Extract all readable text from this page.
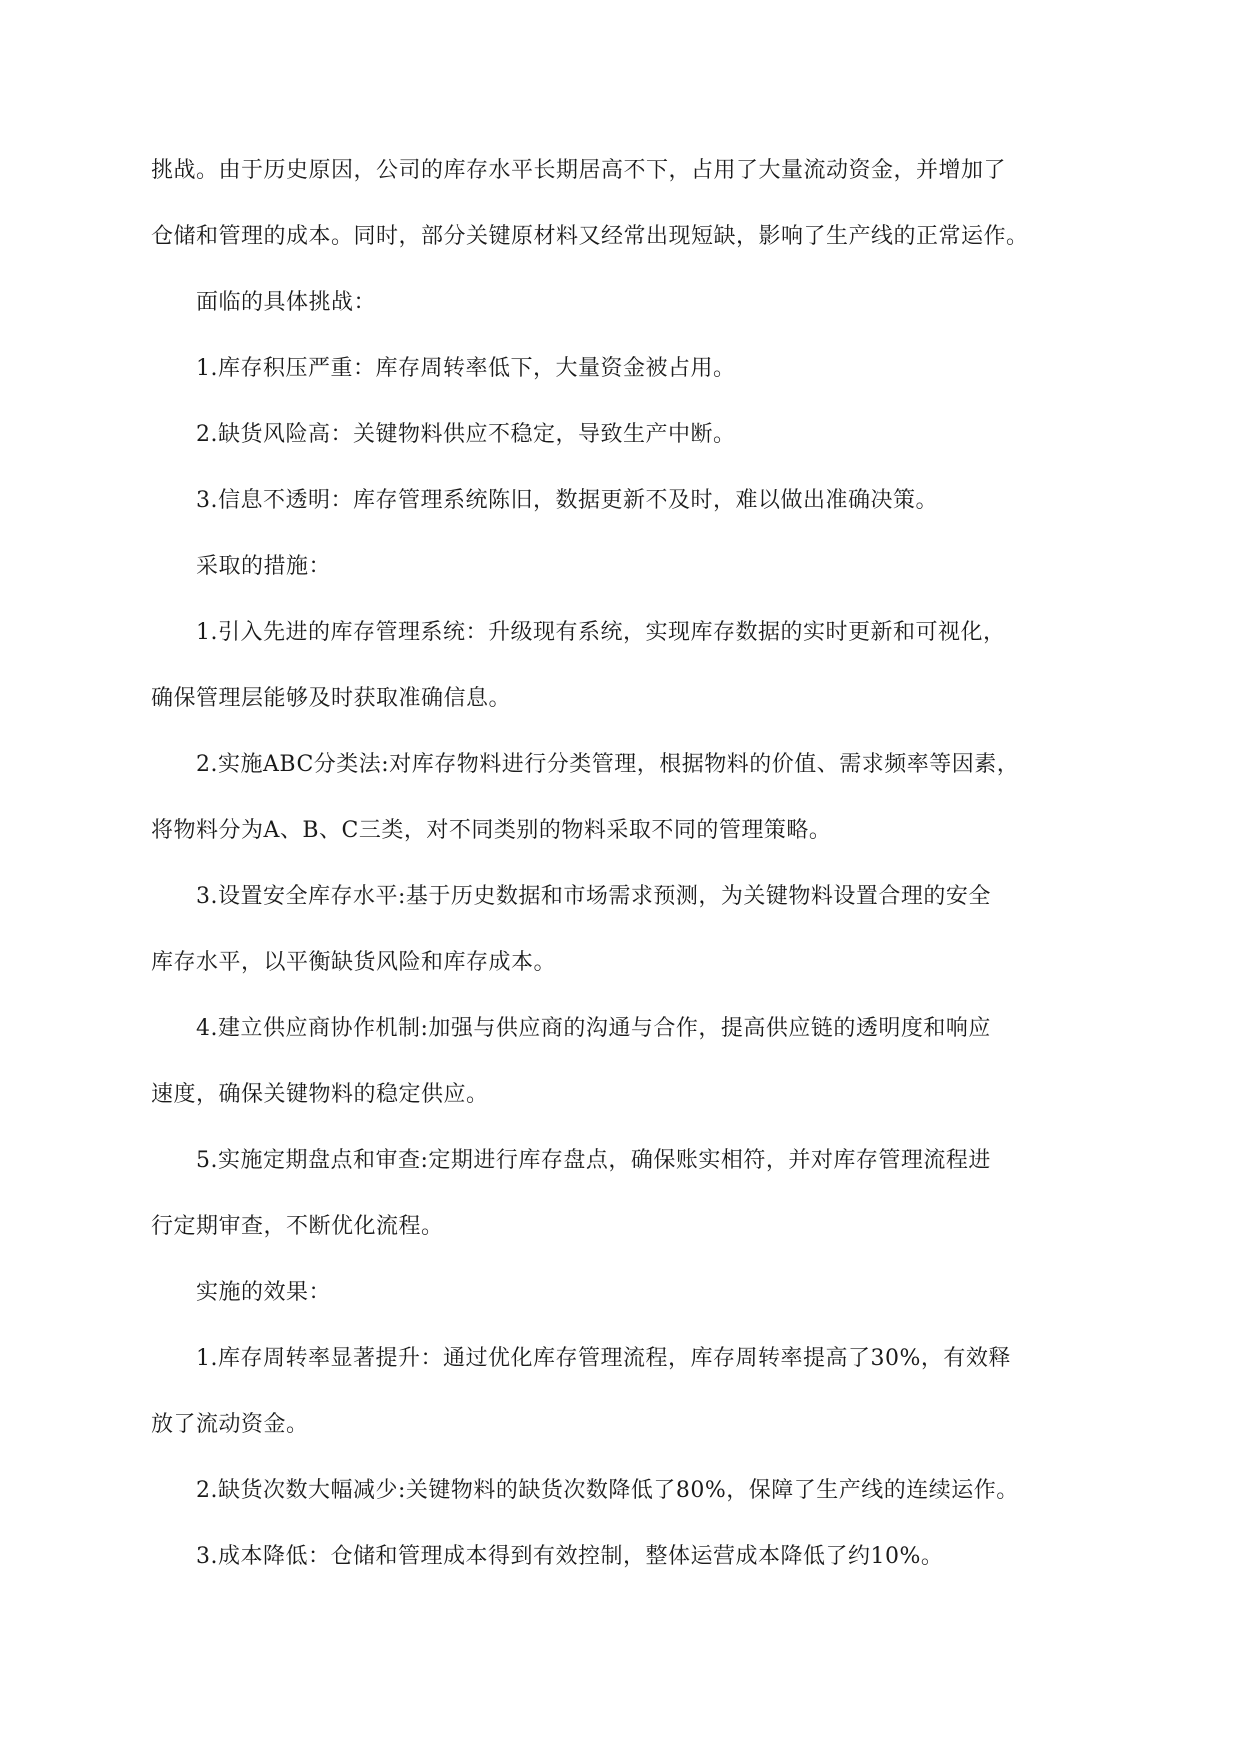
挑战。由于历史原因，公司的库存水平长期居高不下，占用了大量流动资金，并增加了

仓储和管理的成本。同时，部分关键原材料又经常出现短缺，影响了生产线的正常运作。

面临的具体挑战：

1.库存积压严重：库存周转率低下，大量资金被占用。

2.缺货风险高：关键物料供应不稳定，导致生产中断。

3.信息不透明：库存管理系统陈旧，数据更新不及时，难以做出准确决策。

采取的措施：

1.引入先进的库存管理系统：升级现有系统，实现库存数据的实时更新和可视化，

确保管理层能够及时获取准确信息。

2.实施ABC分类法:对库存物料进行分类管理，根据物料的价值、需求频率等因素，

将物料分为A、B、C三类，对不同类别的物料采取不同的管理策略。

3.设置安全库存水平:基于历史数据和市场需求预测，为关键物料设置合理的安全

库存水平，以平衡缺货风险和库存成本。

4.建立供应商协作机制:加强与供应商的沟通与合作，提高供应链的透明度和响应

速度，确保关键物料的稳定供应。

5.实施定期盘点和审查:定期进行库存盘点，确保账实相符，并对库存管理流程进

行定期审查，不断优化流程。

实施的效果：

1.库存周转率显著提升：通过优化库存管理流程，库存周转率提高了30%，有效释

放了流动资金。

2.缺货次数大幅减少:关键物料的缺货次数降低了80%，保障了生产线的连续运作。

3.成本降低：仓储和管理成本得到有效控制，整体运营成本降低了约10%。
